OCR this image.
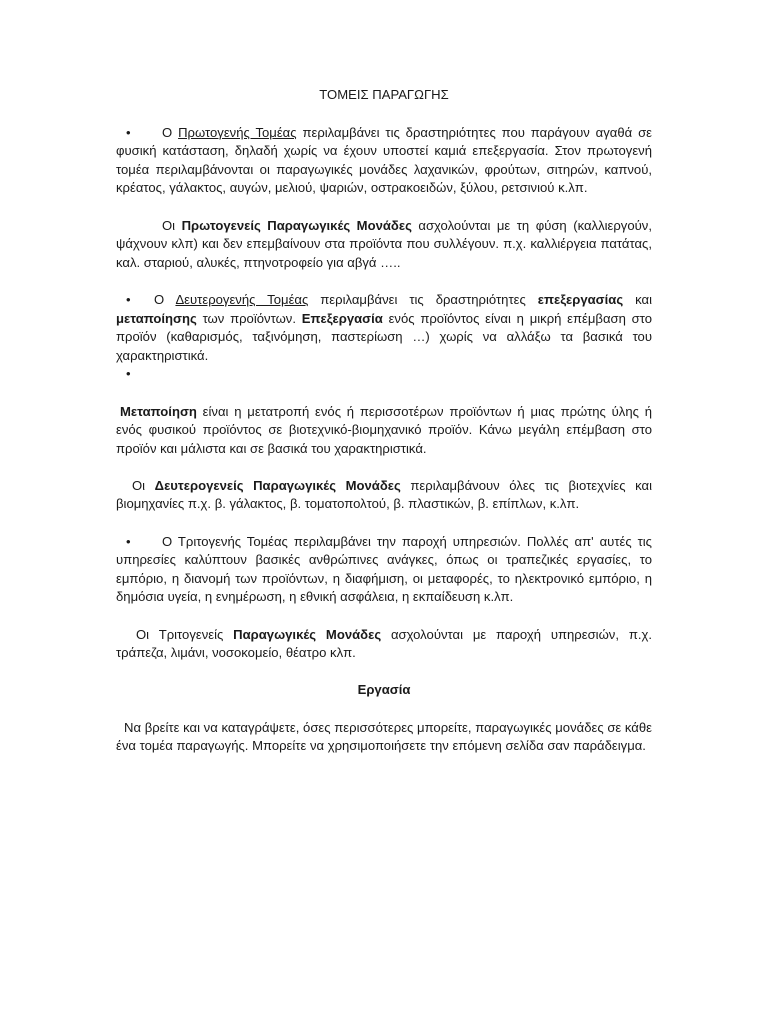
ΤΟΜΕΙΣ ΠΑΡΑΓΩΓΗΣ

• Ο Πρωτογενής Τομέας περιλαμβάνει τις δραστηριότητες που παράγουν αγαθά σε φυσική κατάσταση, δηλαδή χωρίς να έχουν υποστεί καμιά επεξεργασία. Στον πρωτογενή τομέα περιλαμβάνονται οι παραγωγικές μονάδες λαχανικών, φρούτων, σιτηρών, καπνού, κρέατος, γάλακτος, αυγών, μελιού, ψαριών, οστρακοειδών, ξύλου, ρετσινιού κ.λπ.

Οι Πρωτογενείς Παραγωγικές Μονάδες ασχολούνται με τη φύση (καλλιεργούν, ψάχνουν κλπ) και δεν επεμβαίνουν στα προϊόντα που συλλέγουν. π.χ. καλλιέργεια πατάτας, καλ. σταριού, αλυκές, πτηνοτροφείο για αβγά …..

• Ο Δευτερογενής Τομέας περιλαμβάνει τις δραστηριότητες επεξεργασίας και μεταποίησης των προϊόντων. Επεξεργασία ενός προϊόντος είναι η μικρή επέμβαση στο προϊόν (καθαρισμός, ταξινόμηση, παστερίωση …) χωρίς να αλλάξω τα βασικά του χαρακτηριστικά.

•

Μεταποίηση είναι η μετατροπή ενός ή περισσοτέρων προϊόντων ή μιας πρώτης ύλης ή ενός φυσικού προϊόντος σε βιοτεχνικό-βιομηχανικό προϊόν. Κάνω μεγάλη επέμβαση στο προϊόν και μάλιστα και σε βασικά του χαρακτηριστικά.

Οι Δευτερογενείς Παραγωγικές Μονάδες περιλαμβάνουν όλες τις βιοτεχνίες και βιομηχανίες π.χ. β. γάλακτος, β. τοματοπολτού, β. πλαστικών, β. επίπλων, κ.λπ.

• Ο Τριτογενής Τομέας περιλαμβάνει την παροχή υπηρεσιών. Πολλές απ' αυτές τις υπηρεσίες καλύπτουν βασικές ανθρώπινες ανάγκες, όπως οι τραπεζικές εργασίες, το εμπόριο, η διανομή των προϊόντων, η διαφήμιση, οι μεταφορές, το ηλεκτρονικό εμπόριο, η δημόσια υγεία, η ενημέρωση, η εθνική ασφάλεια, η εκπαίδευση κ.λπ.

Οι Τριτογενείς Παραγωγικές Μονάδες ασχολούνται με παροχή υπηρεσιών, π.χ. τράπεζα, λιμάνι, νοσοκομείο, θέατρο κλπ.

Εργασία

Να βρείτε και να καταγράψετε, όσες περισσότερες μπορείτε, παραγωγικές μονάδες σε κάθε ένα τομέα παραγωγής. Μπορείτε να χρησιμοποιήσετε την επόμενη σελίδα σαν παράδειγμα.
